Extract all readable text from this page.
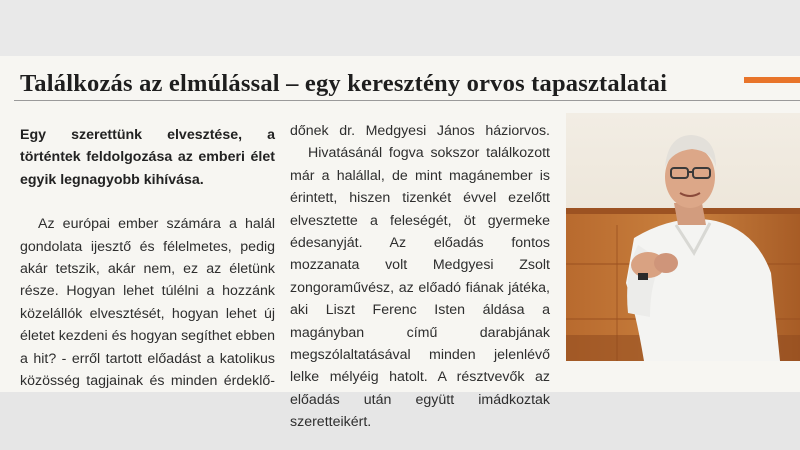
Találkozás az elmúlással – egy keresztény orvos tapasztalatai

Egy szerettünk elvesztése, a történtek feldolgozása az emberi élet egyik legnagyobb kihívása.

Az európai ember számára a halál gondolata ijesztő és félelmetes, pedig akár tetszik, akár nem, ez az életünk része. Hogyan lehet túlélni a hozzánk közelállók elvesztését, hogyan lehet új életet kezdeni és hogyan segíthet ebben a hit? - erről tartott előadást a katolikus közösség tagjainak és minden érdeklő-

dőnek dr. Medgyesi János háziorvos.

Hivatásánál fogva sokszor találkozott már a halállal, de mint magánember is érintett, hiszen tizenkét évvel ezelőtt elvesztette a feleségét, öt gyermeke édesanyját. Az előadás fontos mozzanata volt Medgyesi Zsolt zongoraművész, az előadó fiának játéka, aki Liszt Ferenc Isten áldása a magányban című darabjának megszólaltatásával minden jelenlévő lelke mélyéig hatolt. A résztvevők az előadás után együtt imádkoztak szeretteikért.
